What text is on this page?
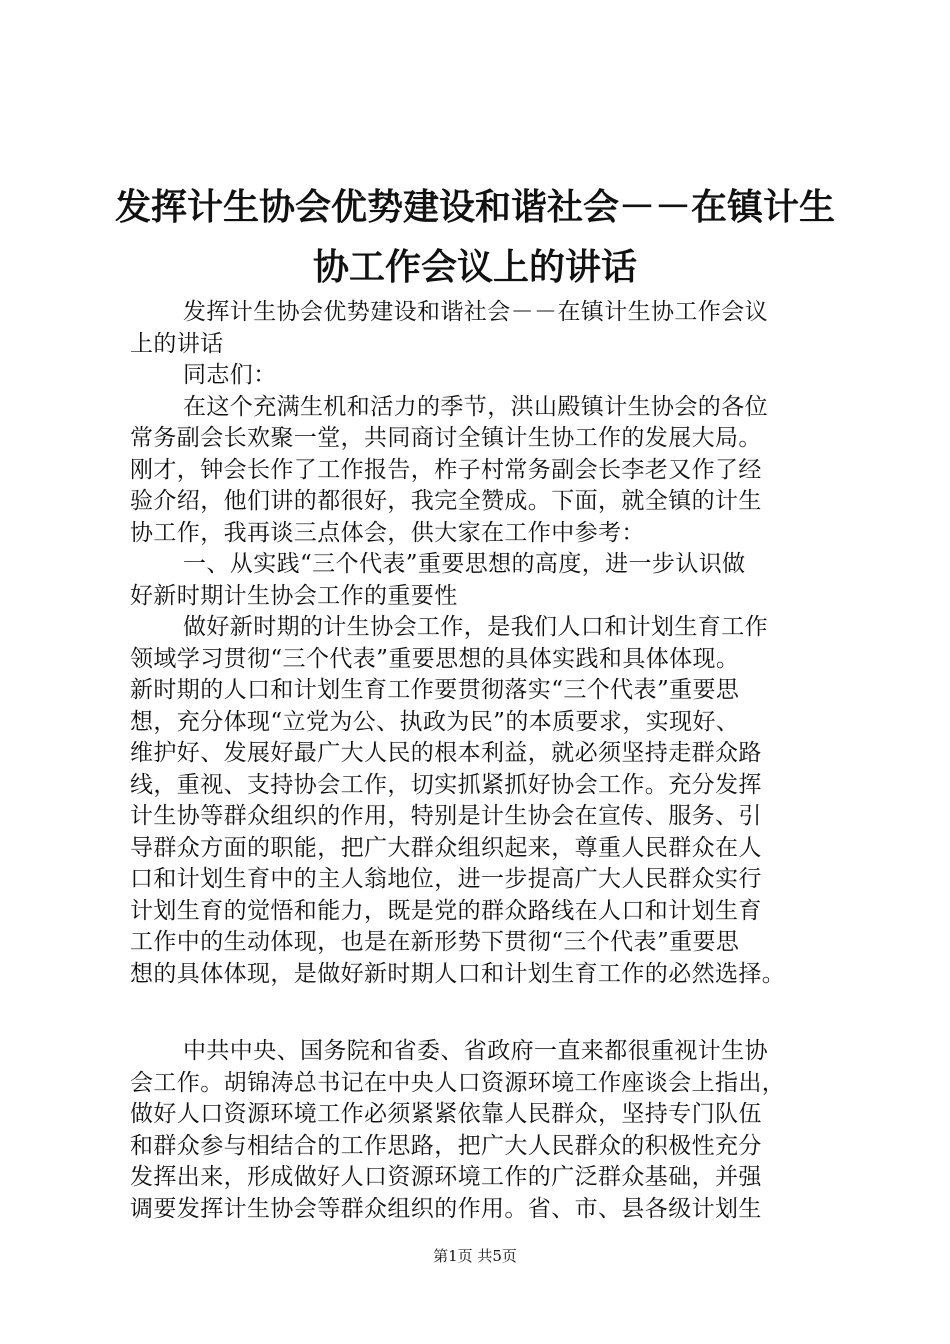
发挥计生协会优势建设和谐社会－－在镇计生
协工作会议上的讲话
发挥计生协会优势建设和谐社会－－在镇计生协工作会议
上的讲话
同志们：
在这个充满生机和活力的季节，洪山殿镇计生协会的各位
常务副会长欢聚一堂，共同商讨全镇计生协工作的发展大局。
刚才，钟会长作了工作报告，柞子村常务副会长李老又作了经
验介绍，他们讲的都很好，我完全赞成。下面，就全镇的计生
协工作，我再谈三点体会，供大家在工作中参考：
一、从实践“三个代表”重要思想的高度，进一步认识做
好新时期计生协会工作的重要性
做好新时期的计生协会工作，是我们人口和计划生育工作
领域学习贯彻“三个代表”重要思想的具体实践和具体体现。
新时期的人口和计划生育工作要贯彻落实“三个代表”重要思
想，充分体现“立党为公、执政为民”的本质要求，实现好、
维护好、发展好最广大人民的根本利益，就必须坚持走群众路
线，重视、支持协会工作，切实抓紧抓好协会工作。充分发挥
计生协等群众组织的作用，特别是计生协会在宣传、服务、引
导群众方面的职能，把广大群众组织起来，尊重人民群众在人
口和计划生育中的主人翁地位，进一步提高广大人民群众实行
计划生育的觉悟和能力，既是党的群众路线在人口和计划生育
工作中的生动体现，也是在新形势下贯彻“三个代表”重要思
想的具体体现，是做好新时期人口和计划生育工作的必然选择。
中共中央、国务院和省委、省政府一直来都很重视计生协
会工作。胡锦涛总书记在中央人口资源环境工作座谈会上指出，
做好人口资源环境工作必须紧紧依靠人民群众，坚持专门队伍
和群众参与相结合的工作思路，把广大人民群众的积极性充分
发挥出来，形成做好人口资源环境工作的广泛群众基础，并强
调要发挥计生协会等群众组织的作用。省、市、县各级计划生
第1页 共5页
